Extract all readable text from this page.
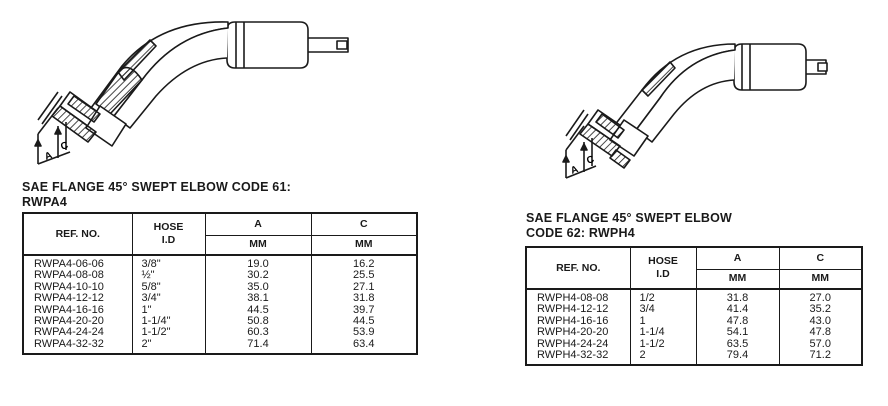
A
C
SAE FLANGE 45° SWEPT ELBOW CODE 61:
RWPA4
REF. NO.	HOSE
I.D	A	C
		MM	MM
RWPA4-06-06	3/8"	19.0	16.2
RWPA4-08-08	½"	30.2	25.5
RWPA4-10-10	5/8"	35.0	27.1
RWPA4-12-12	3/4"	38.1	31.8
RWPA4-16-16	1"	44.5	39.7
RWPA4-20-20	1-1/4"	50.8	44.5
RWPA4-24-24	1-1/2"	60.3	53.9
RWPA4-32-32	2"	71.4	63.4
A
C
SAE FLANGE 45° SWEPT ELBOW
CODE 62: RWPH4
REF. NO.	HOSE
I.D	A	C
		MM	MM
RWPH4-08-08	1/2	31.8	27.0
RWPH4-12-12	3/4	41.4	35.2
RWPH4-16-16	1	47.8	43.0
RWPH4-20-20	1-1/4	54.1	47.8
RWPH4-24-24	1-1/2	63.5	57.0
RWPH4-32-32	2	79.4	71.2
